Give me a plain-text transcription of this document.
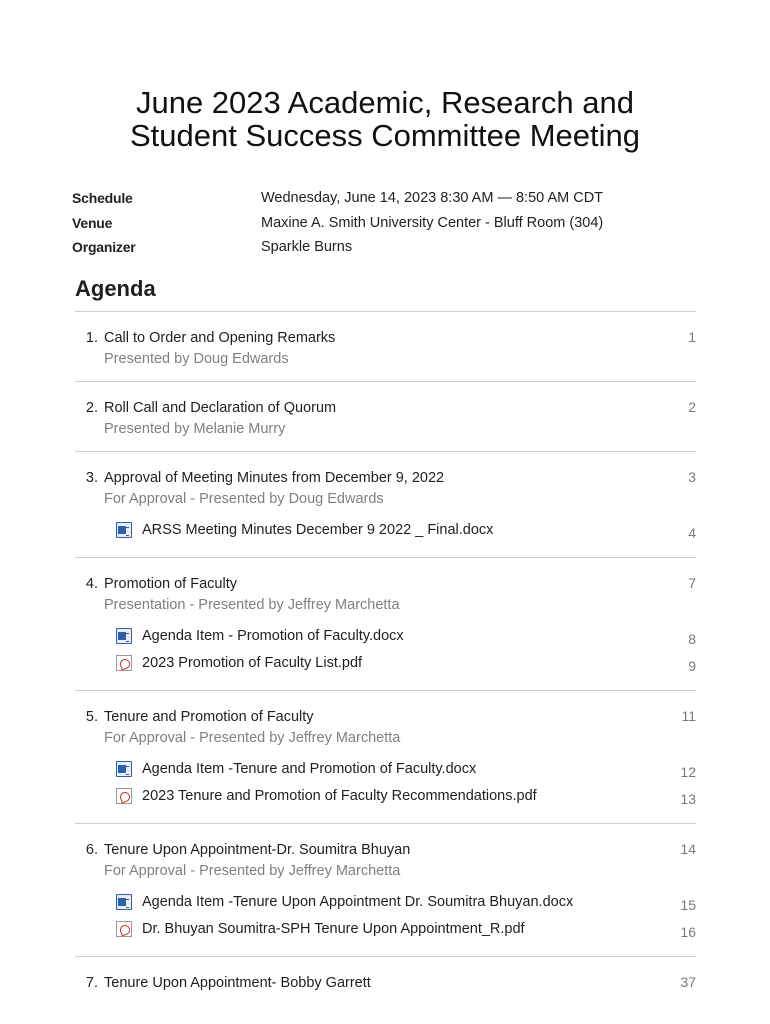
June 2023 Academic, Research and
Student Success Committee Meeting
Schedule	Wednesday, June 14, 2023 8:30 AM — 8:50 AM CDT
Venue	Maxine A. Smith University Center - Bluff Room (304)
Organizer	Sparkle Burns
Agenda
1. Call to Order and Opening Remarks	1
Presented by Doug Edwards
2. Roll Call and Declaration of Quorum	2
Presented by Melanie Murry
3. Approval of Meeting Minutes from December 9, 2022	3
For Approval - Presented by Doug Edwards
ARSS Meeting Minutes December 9 2022 _ Final.docx	4
4. Promotion of Faculty	7
Presentation - Presented by Jeffrey Marchetta
Agenda Item - Promotion of Faculty.docx	8
2023 Promotion of Faculty List.pdf	9
5. Tenure and Promotion of Faculty	11
For Approval - Presented by Jeffrey Marchetta
Agenda Item -Tenure and Promotion of Faculty.docx	12
2023 Tenure and Promotion of Faculty Recommendations.pdf	13
6. Tenure Upon Appointment-Dr. Soumitra Bhuyan	14
For Approval - Presented by Jeffrey Marchetta
Agenda Item -Tenure Upon Appointment Dr. Soumitra Bhuyan.docx	15
Dr. Bhuyan Soumitra-SPH Tenure Upon Appointment_R.pdf	16
7. Tenure Upon Appointment- Bobby Garrett	37
